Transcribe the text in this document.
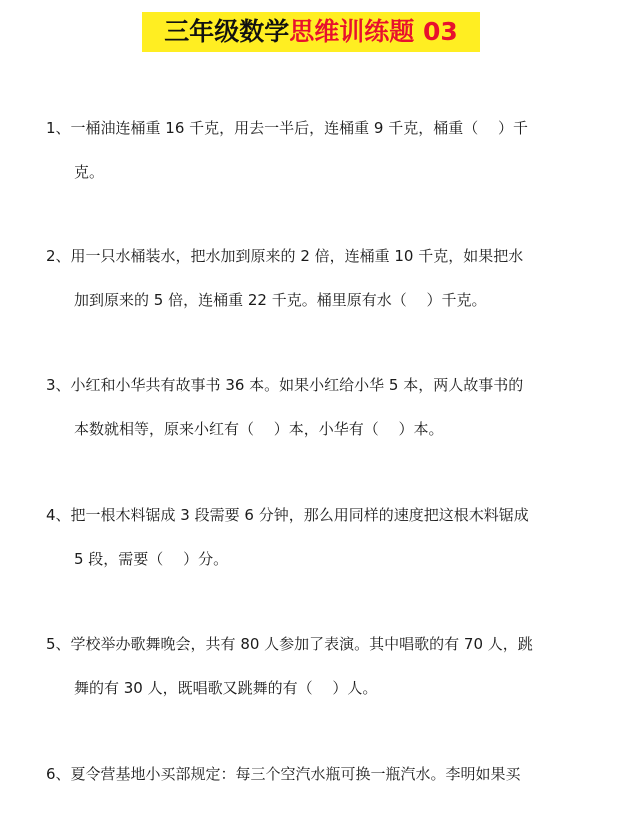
三年级数学思维训练题 03
1、一桶油连桶重 16 千克，用去一半后，连桶重 9 千克，桶重（　 ）千
克。
2、用一只水桶装水，把水加到原来的 2 倍，连桶重 10 千克，如果把水
加到原来的 5 倍，连桶重 22 千克。桶里原有水（　 ）千克。
3、小红和小华共有故事书 36 本。如果小红给小华 5 本，两人故事书的
本数就相等，原来小红有（　 ）本，小华有（　 ）本。
4、把一根木料锯成 3 段需要 6 分钟，那么用同样的速度把这根木料锯成
5 段，需要（　 ）分。
5、学校举办歌舞晚会，共有 80 人参加了表演。其中唱歌的有 70 人，跳
舞的有 30 人，既唱歌又跳舞的有（　 ）人。
6、夏令营基地小买部规定：每三个空汽水瓶可换一瓶汽水。李明如果买
